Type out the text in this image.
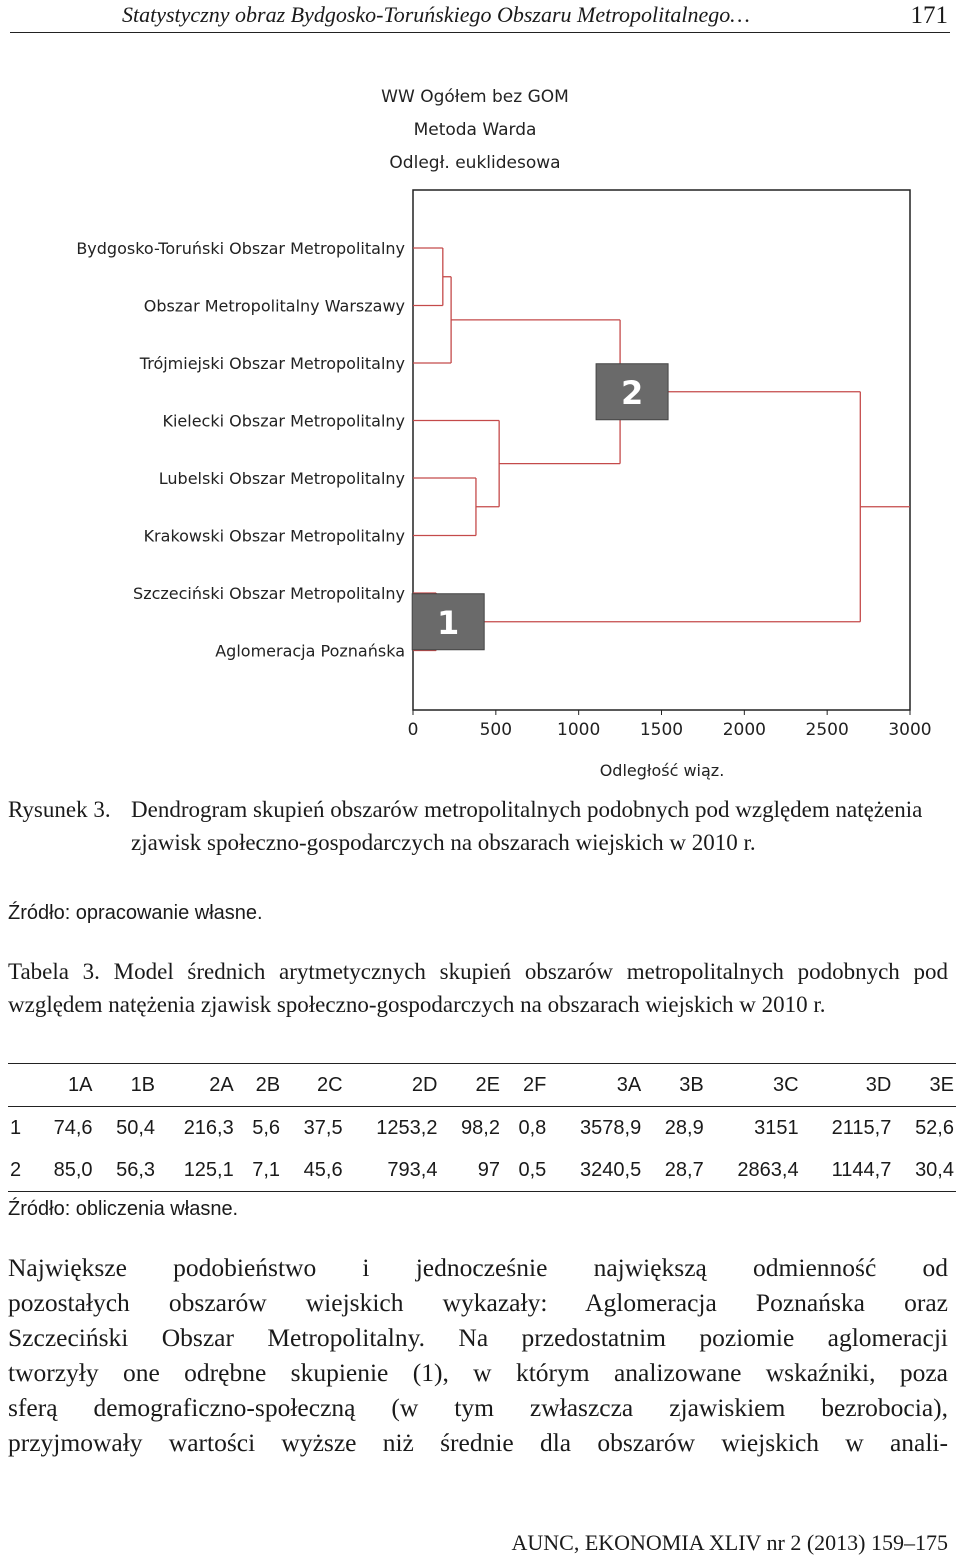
Statystyczny obraz Bydgosko-Toruńskiego Obszaru Metropolitalnego…	171
WW Ogółem bez GOM
Metoda Warda
Odległ. euklidesowa
Bydgosko-Toruński Obszar Metropolitalny
Obszar Metropolitalny Warszawy
Trójmiejski Obszar Metropolitalny
Kielecki Obszar Metropolitalny
Lubelski Obszar Metropolitalny
Krakowski Obszar Metropolitalny
Szczeciński Obszar Metropolitalny
Aglomeracja Poznańska
2
1
0	500	1000 1500 2000 2500 3000
Odległość wiąz.
Rysunek 3. Dendrogram skupień obszarów metropolitalnych podobnych pod względem natężenia zjawisk społeczno-gospodarczych na obszarach wiejskich w 2010 r.
Źródło: opracowanie własne.
Tabela 3. Model średnich arytmetycznych skupień obszarów metropolitalnych podobnych pod względem natężenia zjawisk społeczno-gospodarczych na obszarach wiejskich w 2010 r.
	1A	1B	2A	2B	2C	2D	2E	2F	3A	3B	3C	3D	3E
1	74,6	50,4	216,3	5,6	37,5	1253,2	98,2	0,8	3578,9	28,9	3151	2115,7	52,6
2	85,0	56,3	125,1	7,1	45,6	793,4	97	0,5	3240,5	28,7	2863,4	1144,7	30,4
Źródło: obliczenia własne.
Największe podobieństwo i jednocześnie największą odmienność od
pozostałych obszarów wiejskich wykazały: Aglomeracja Poznańska oraz
Szczeciński Obszar Metropolitalny. Na przedostatnim poziomie aglomeracji
tworzyły one odrębne skupienie (1), w którym analizowane wskaźniki, poza
sferą demograficzno-społeczną (w tym zwłaszcza zjawiskiem bezrobocia),
przyjmowały wartości wyższe niż średnie dla obszarów wiejskich w anali-
AUNC, EKONOMIA XLIV nr 2 (2013) 159–175
